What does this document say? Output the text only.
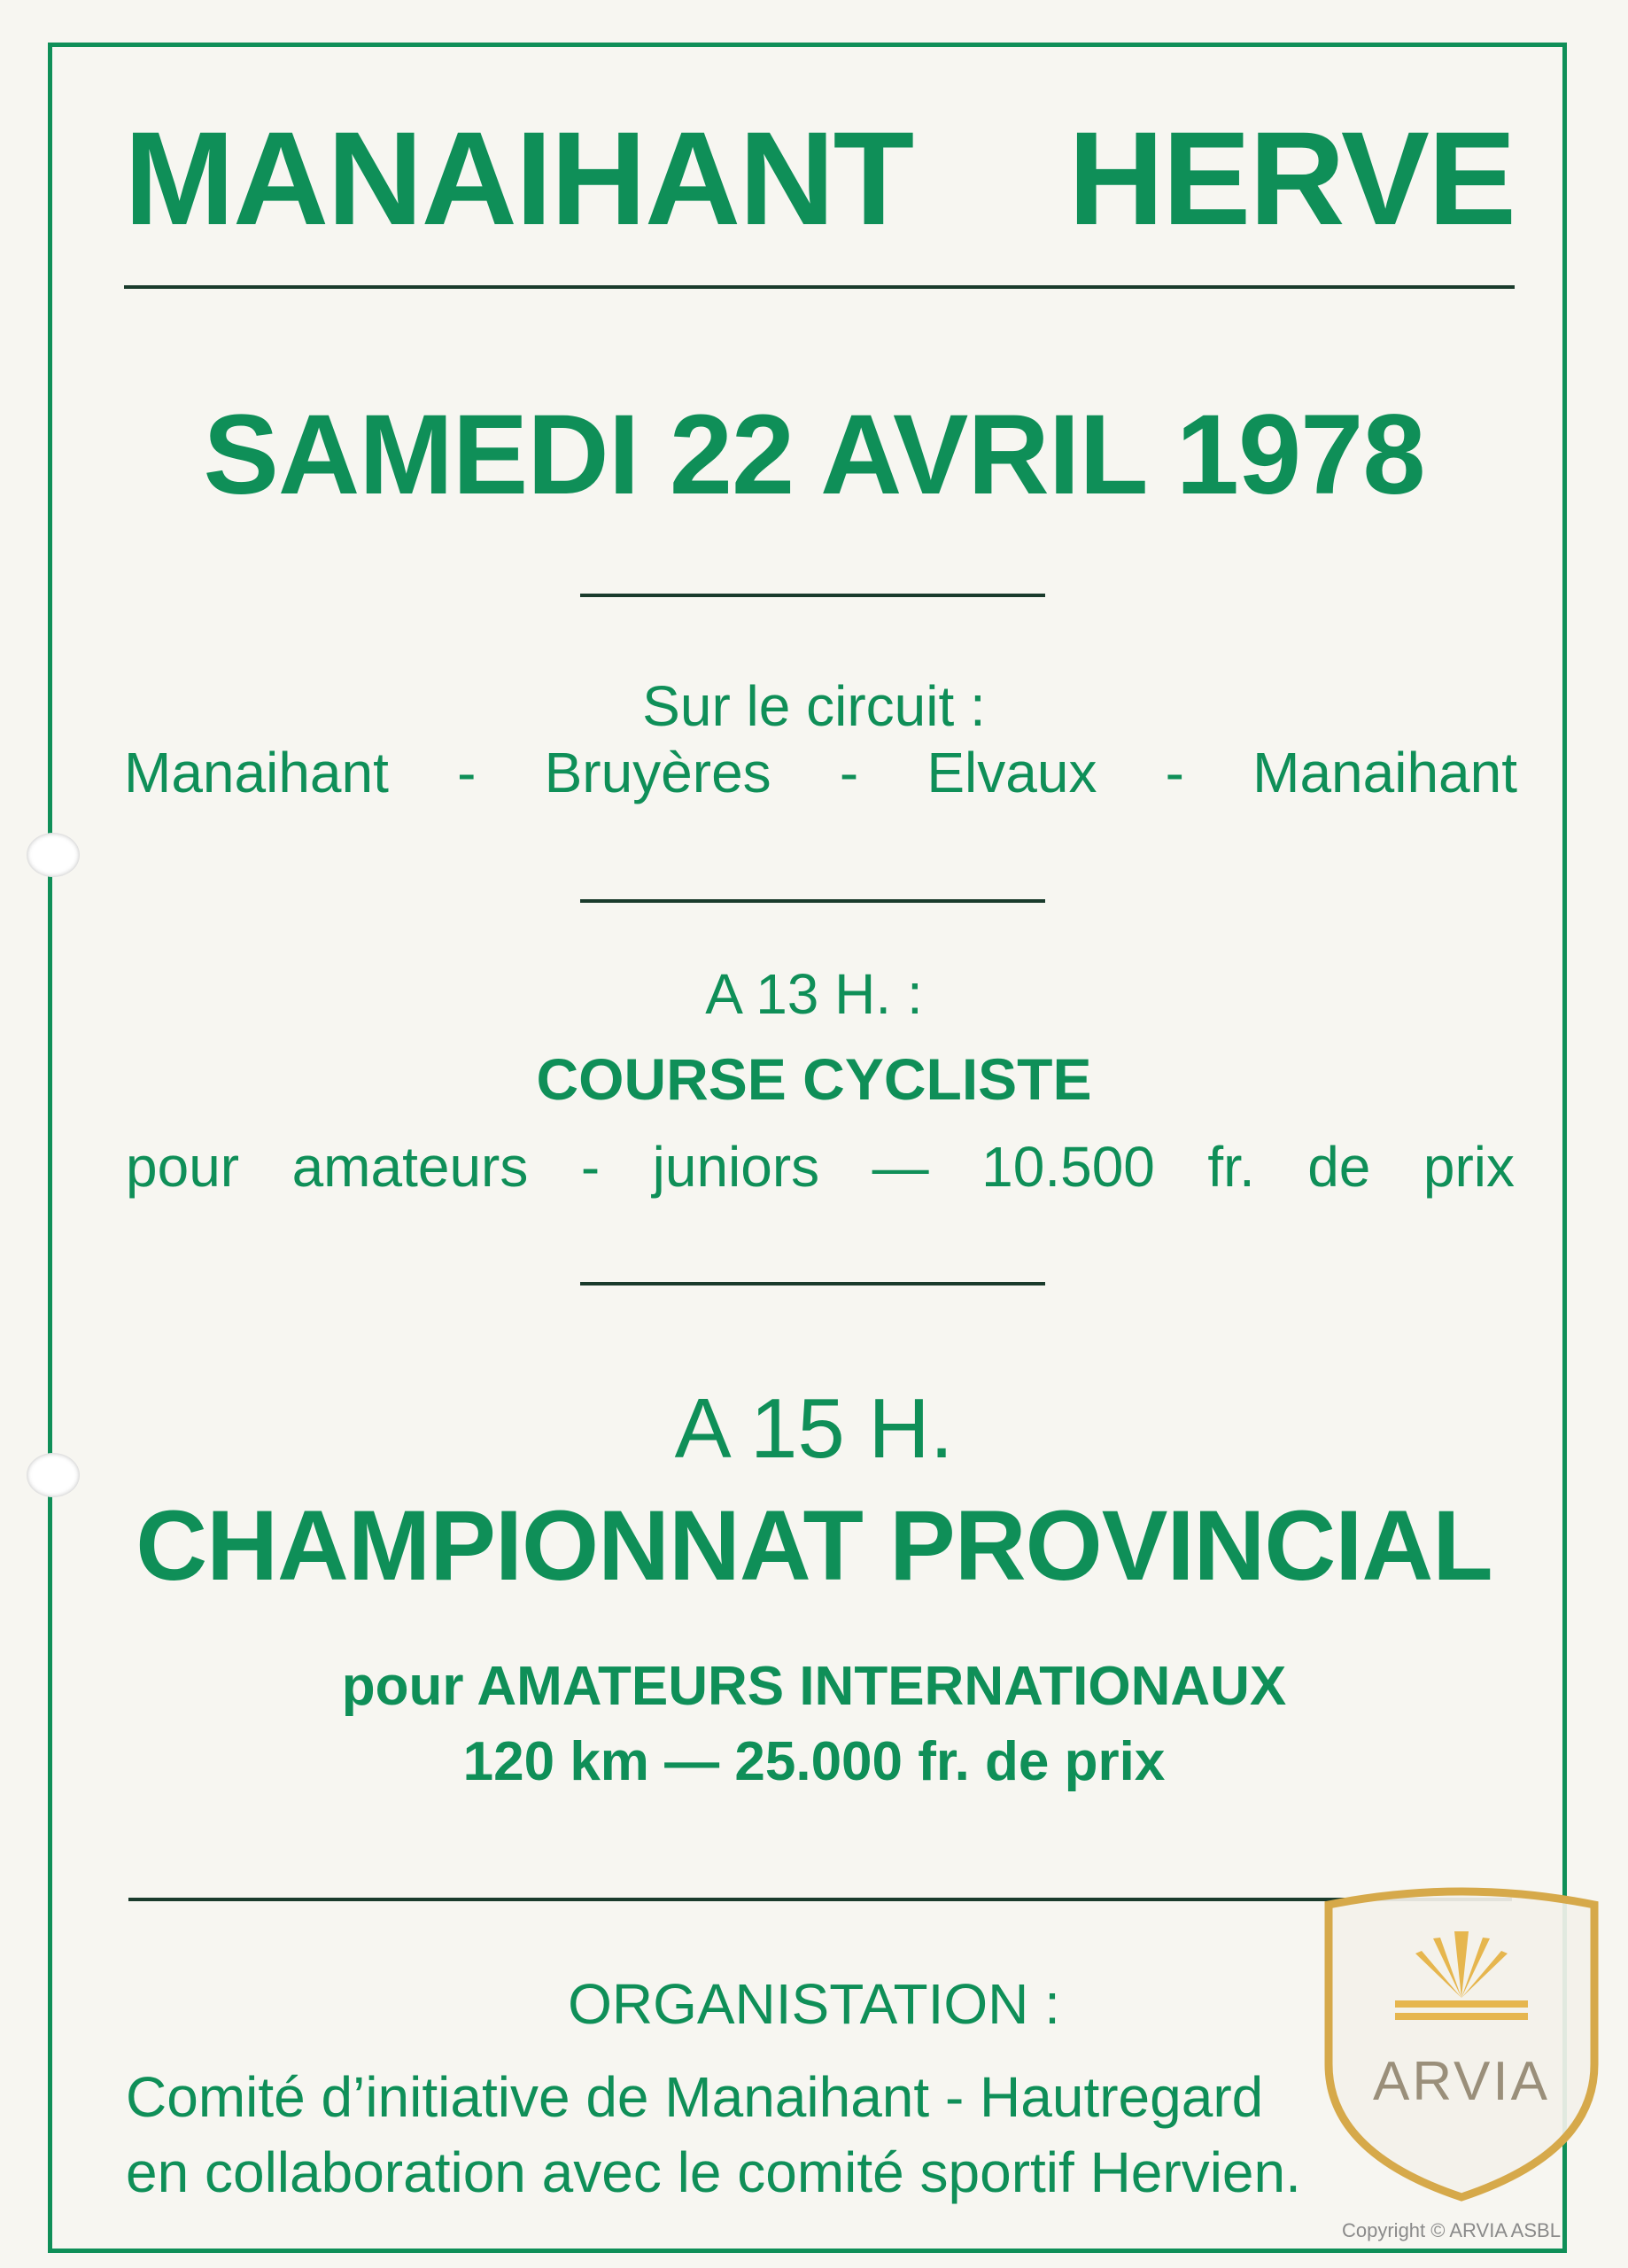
MANAIHANT HERVE
SAMEDI 22 AVRIL 1978
Sur le circuit :
Manaihant - Bruyères - Elvaux - Manaihant
A 13 H. :
COURSE CYCLISTE
pour amateurs - juniors — 10.500 fr. de prix
A 15 H.
CHAMPIONNAT PROVINCIAL
pour AMATEURS INTERNATIONAUX
120 km — 25.000 fr. de prix
ORGANISTATION :
Comité d’initiative de Manaihant - Hautregard
en collaboration avec le comité sportif Hervien.
ARVIA
Copyright © ARVIA ASBL
